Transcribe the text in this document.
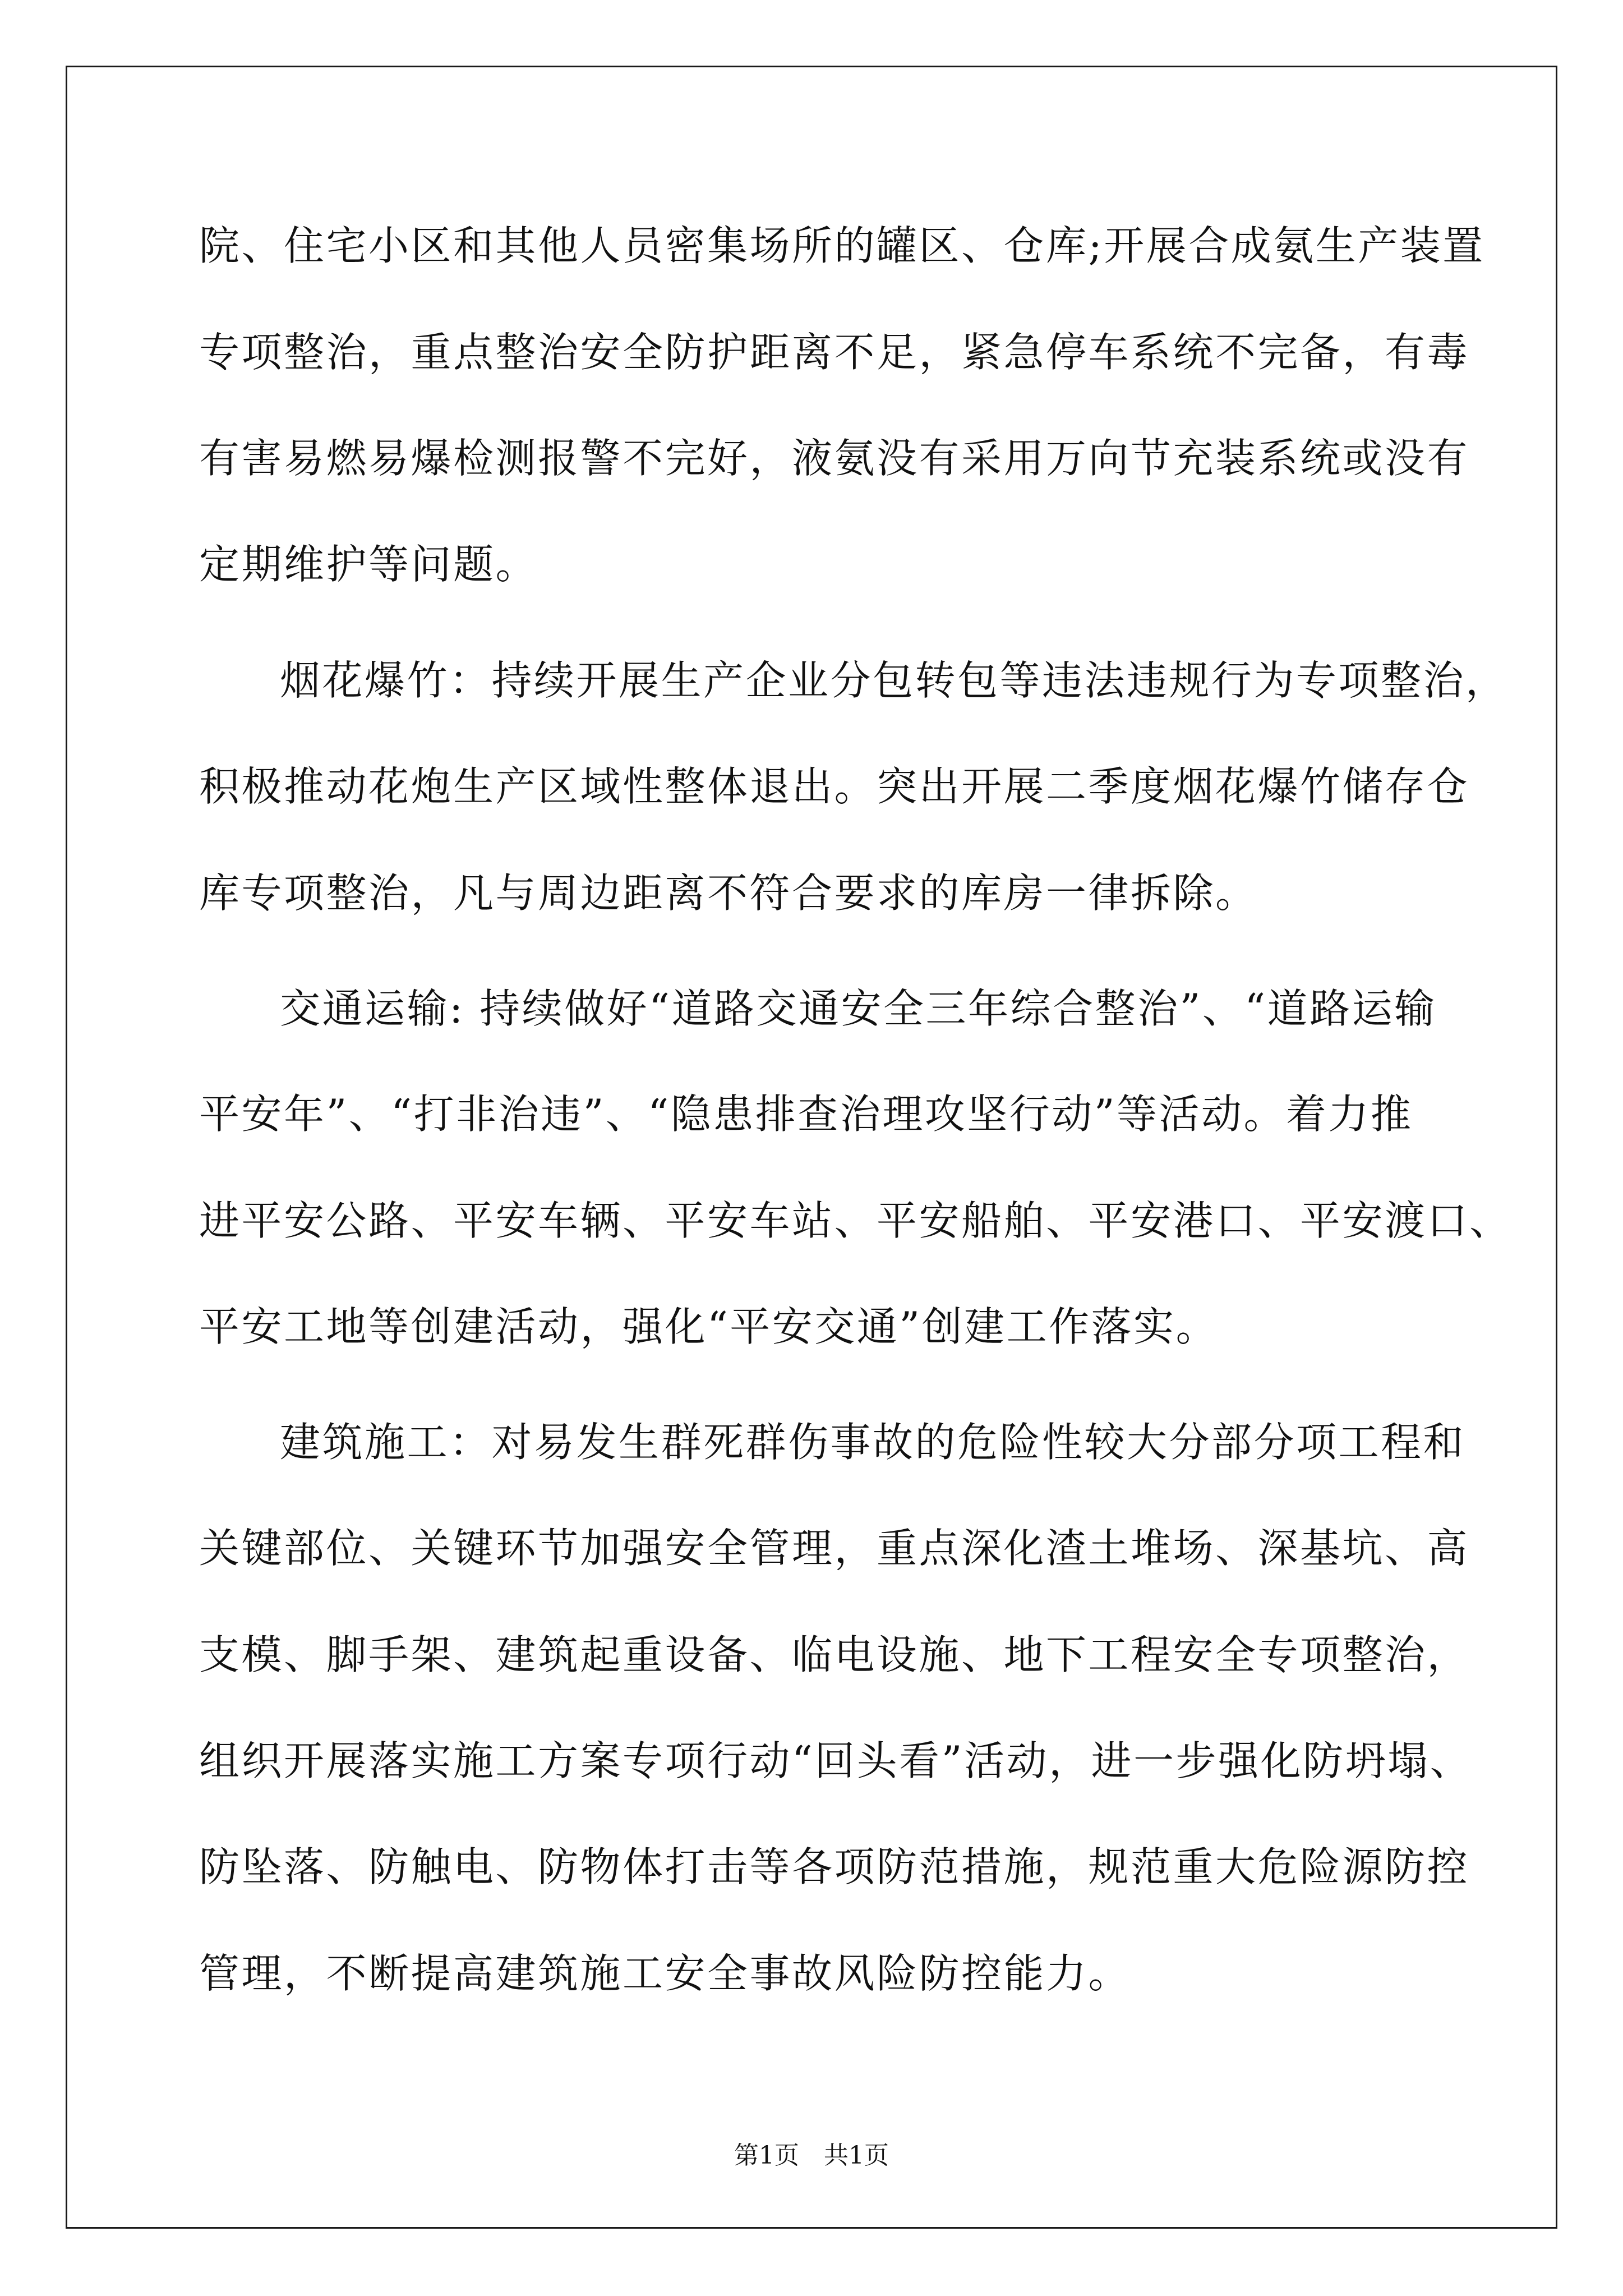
院、住宅小区和其他人员密集场所的罐区、仓库;开展合成氨生产装置
专项整治，重点整治安全防护距离不足，紧急停车系统不完备，有毒
有害易燃易爆检测报警不完好，液氨没有采用万向节充装系统或没有
定期维护等问题。
烟花爆竹：持续开展生产企业分包转包等违法违规行为专项整治，
积极推动花炮生产区域性整体退出。突出开展二季度烟花爆竹储存仓
库专项整治，凡与周边距离不符合要求的库房一律拆除。
交通运输: 持续做好“道路交通安全三年综合整治”、“道路运输
平安年”、“打非治违”、“隐患排查治理攻坚行动”等活动。着力推
进平安公路、平安车辆、平安车站、平安船舶、平安港口、平安渡口、
平安工地等创建活动，强化“平安交通”创建工作落实。
建筑施工：对易发生群死群伤事故的危险性较大分部分项工程和
关键部位、关键环节加强安全管理，重点深化渣土堆场、深基坑、高
支模、脚手架、建筑起重设备、临电设施、地下工程安全专项整治，
组织开展落实施工方案专项行动“回头看”活动，进一步强化防坍塌、
防坠落、防触电、防物体打击等各项防范措施，规范重大危险源防控
管理，不断提高建筑施工安全事故风险防控能力。
第1页 共1页
